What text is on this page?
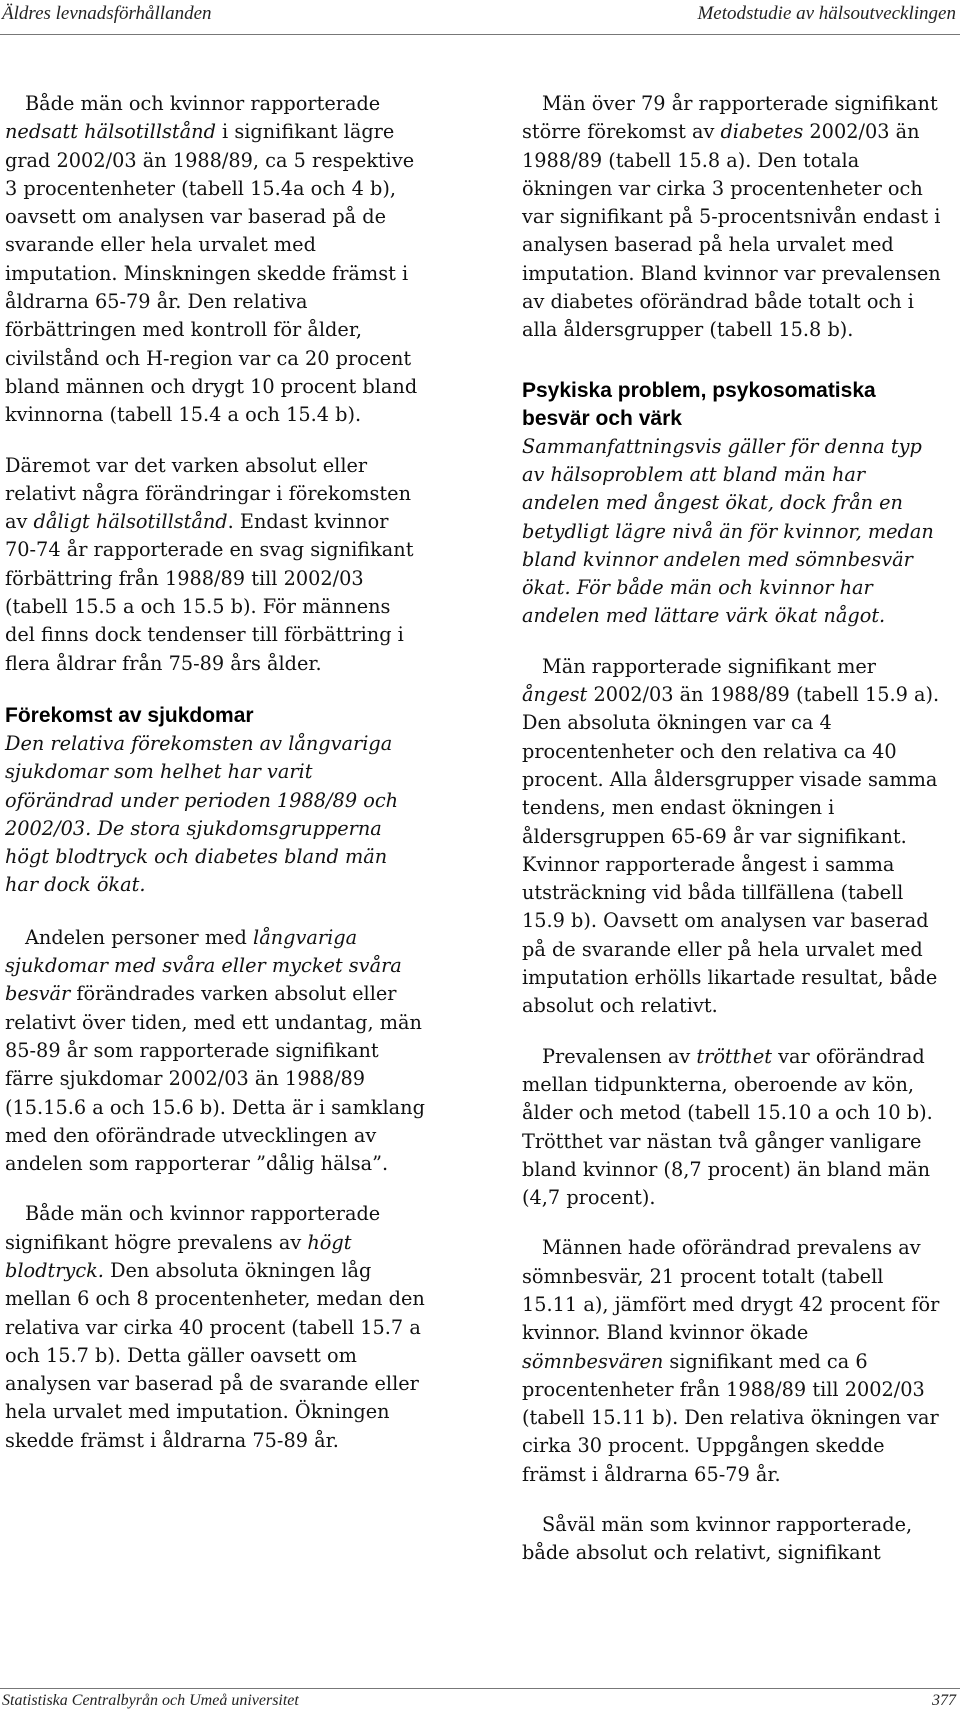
Äldres levnadsförhållanden	Metodstudie av hälsoutvecklingen

Både män och kvinnor rapporterade nedsatt hälsotillstånd i signifikant lägre grad 2002/03 än 1988/89, ca 5 respektive 3 procentenheter (tabell 15.4a och 4 b), oavsett om analysen var baserad på de svarande eller hela urvalet med imputation. Minskningen skedde främst i åldrarna 65-79 år. Den relativa förbättringen med kontroll för ålder, civilstånd och H-region var ca 20 procent bland männen och drygt 10 procent bland kvinnorna (tabell 15.4 a och 15.4 b).

Däremot var det varken absolut eller relativt några förändringar i förekomsten av dåligt hälsotillstånd. Endast kvinnor 70-74 år rapporterade en svag signifikant förbättring från 1988/89 till 2002/03 (tabell 15.5 a och 15.5 b). För männens del finns dock tendenser till förbättring i flera åldrar från 75-89 års ålder.

Förekomst av sjukdomar

Den relativa förekomsten av långvariga sjukdomar som helhet har varit oförändrad under perioden 1988/89 och 2002/03. De stora sjukdomsgrupperna högt blodtryck och diabetes bland män har dock ökat.

Andelen personer med långvariga sjukdomar med svåra eller mycket svåra besvär förändrades varken absolut eller relativt över tiden, med ett undantag, män 85-89 år som rapporterade signifikant färre sjukdomar 2002/03 än 1988/89 (15.15.6 a och 15.6 b). Detta är i samklang med den oförändrade utvecklingen av andelen som rapporterar ”dålig hälsa”.

Både män och kvinnor rapporterade signifikant högre prevalens av högt blodtryck. Den absoluta ökningen låg mellan 6 och 8 procentenheter, medan den relativa var cirka 40 procent (tabell 15.7 a och 15.7 b). Detta gäller oavsett om analysen var baserad på de svarande eller hela urvalet med imputation. Ökningen skedde främst i åldrarna 75-89 år.

Män över 79 år rapporterade signifikant större förekomst av diabetes 2002/03 än 1988/89 (tabell 15.8 a). Den totala ökningen var cirka 3 procentenheter och var signifikant på 5-procentsnivån endast i analysen baserad på hela urvalet med imputation. Bland kvinnor var prevalensen av diabetes oförändrad både totalt och i alla åldersgrupper (tabell 15.8 b).

Psykiska problem, psykosomatiska besvär och värk

Sammanfattningsvis gäller för denna typ av hälsoproblem att bland män har andelen med ångest ökat, dock från en betydligt lägre nivå än för kvinnor, medan bland kvinnor andelen med sömnbesvär ökat. För både män och kvinnor har andelen med lättare värk ökat något.

Män rapporterade signifikant mer ångest 2002/03 än 1988/89 (tabell 15.9 a). Den absoluta ökningen var ca 4 procentenheter och den relativa ca 40 procent. Alla åldersgrupper visade samma tendens, men endast ökningen i åldersgruppen 65-69 år var signifikant. Kvinnor rapporterade ångest i samma utsträckning vid båda tillfällena (tabell 15.9 b). Oavsett om analysen var baserad på de svarande eller på hela urvalet med imputation erhölls likartade resultat, både absolut och relativt.

Prevalensen av trötthet var oförändrad mellan tidpunkterna, oberoende av kön, ålder och metod (tabell 15.10 a och 10 b). Trötthet var nästan två gånger vanligare bland kvinnor (8,7 procent) än bland män (4,7 procent).

Männen hade oförändrad prevalens av sömnbesvär, 21 procent totalt (tabell 15.11 a), jämfört med drygt 42 procent för kvinnor. Bland kvinnor ökade sömnbesvären signifikant med ca 6 procentenheter från 1988/89 till 2002/03 (tabell 15.11 b). Den relativa ökningen var cirka 30 procent. Uppgången skedde främst i åldrarna 65-79 år.

Såväl män som kvinnor rapporterade, både absolut och relativt, signifikant

Statistiska Centralbyrån och Umeå universitet	377
